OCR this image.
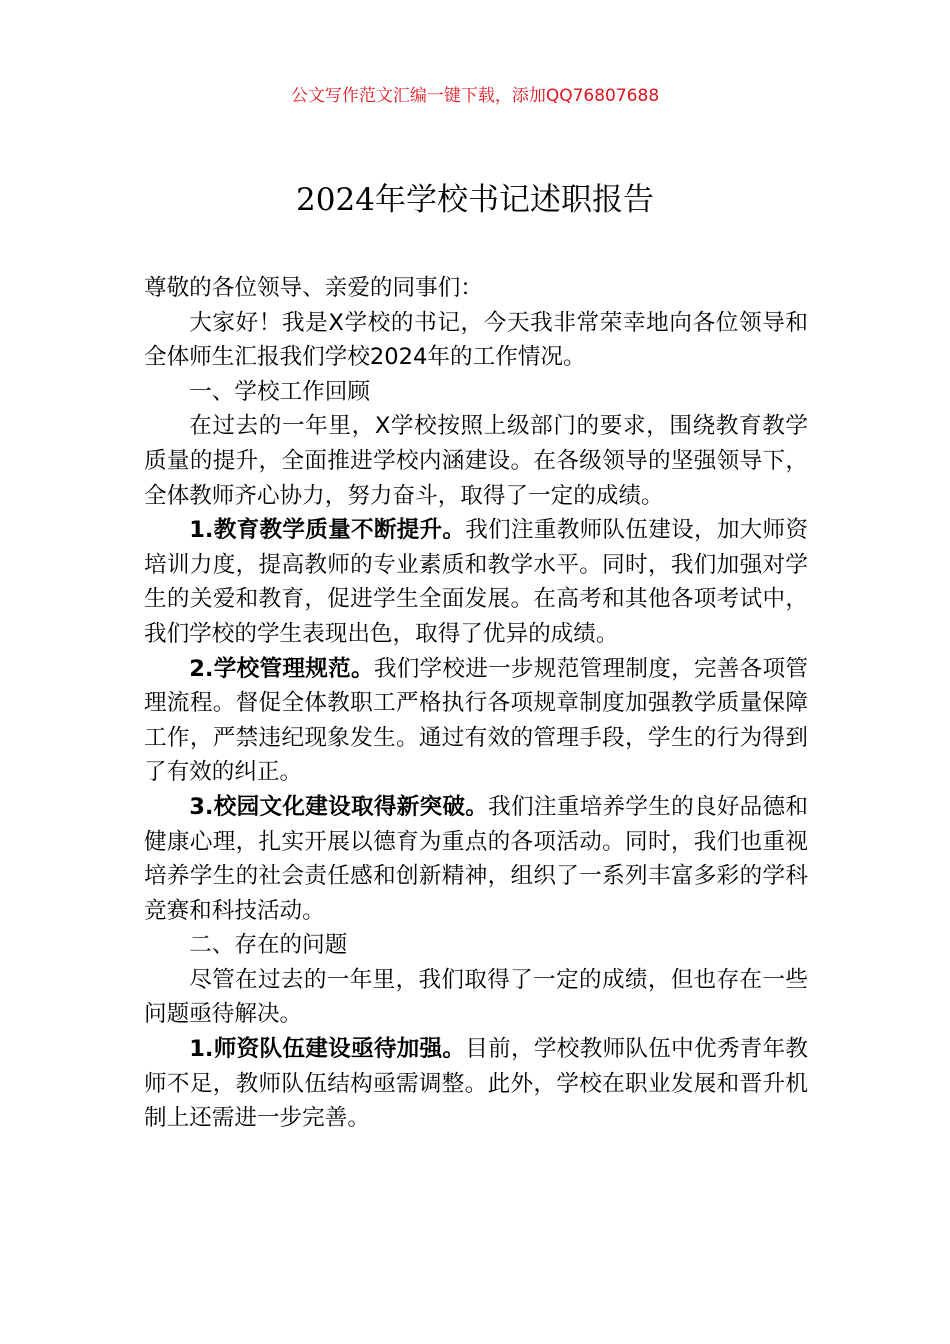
公文写作范文汇编一键下载，添加QQ76807688
2024年学校书记述职报告

尊敬的各位领导、亲爱的同事们：

大家好！我是X学校的书记，今天我非常荣幸地向各位领导和全体师生汇报我们学校2024年的工作情况。

一、学校工作回顾

在过去的一年里，X学校按照上级部门的要求，围绕教育教学质量的提升，全面推进学校内涵建设。在各级领导的坚强领导下，全体教师齐心协力，努力奋斗，取得了一定的成绩。

1.教育教学质量不断提升。我们注重教师队伍建设，加大师资培训力度，提高教师的专业素质和教学水平。同时，我们加强对学生的关爱和教育，促进学生全面发展。在高考和其他各项考试中，我们学校的学生表现出色，取得了优异的成绩。

2.学校管理规范。我们学校进一步规范管理制度，完善各项管理流程。督促全体教职工严格执行各项规章制度加强教学质量保障工作，严禁违纪现象发生。通过有效的管理手段，学生的行为得到了有效的纠正。

3.校园文化建设取得新突破。我们注重培养学生的良好品德和健康心理，扎实开展以德育为重点的各项活动。同时，我们也重视培养学生的社会责任感和创新精神，组织了一系列丰富多彩的学科竞赛和科技活动。

二、存在的问题

尽管在过去的一年里，我们取得了一定的成绩，但也存在一些问题亟待解决。

1.师资队伍建设亟待加强。目前，学校教师队伍中优秀青年教师不足，教师队伍结构亟需调整。此外，学校在职业发展和晋升机制上还需进一步完善。
